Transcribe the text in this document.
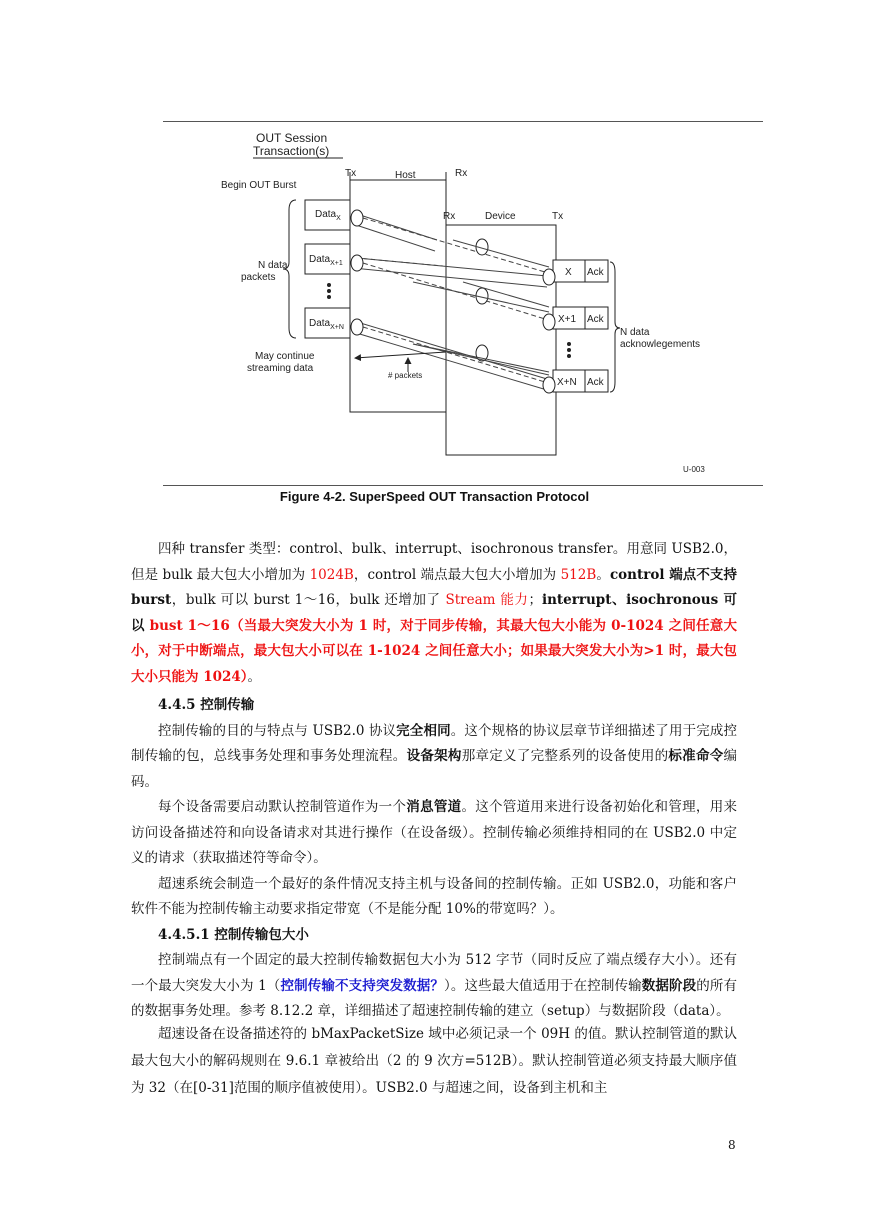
OUT Session
Transaction(s)
Begin OUT Burst
Tx	Host	Rx
Rx	Device	Tx
Data$_X$
Data$_{X+1}$
Data$_{X+N}$
N data
packets	X Ack
X+1 Ack
X+N Ack
N data
acknowlegements
May continue
streaming data
# packets
U-003
Figure 4-2. SuperSpeed OUT Transaction Protocol

四种 transfer 类型：control、bulk、interrupt、isochronous transfer。用意同 USB2.0，但是 bulk 最大包大小增加为 1024B，control 端点最大包大小增加为 512B。control 端点不支持 burst，bulk 可以 burst 1～16，bulk 还增加了 Stream 能力；interrupt、isochronous 可以 bust 1～16（当最大突发大小为 1 时，对于同步传输，其最大包大小能为 0-1024 之间任意大小，对于中断端点，最大包大小可以在 1-1024 之间任意大小；如果最大突发大小为>1 时，最大包大小只能为 1024）。

4.4.5 控制传输

控制传输的目的与特点与 USB2.0 协议完全相同。这个规格的协议层章节详细描述了用于完成控制传输的包，总线事务处理和事务处理流程。设备架构那章定义了完整系列的设备使用的标准命令编码。

每个设备需要启动默认控制管道作为一个消息管道。这个管道用来进行设备初始化和管理，用来访问设备描述符和向设备请求对其进行操作（在设备级）。控制传输必须维持相同的在 USB2.0 中定义的请求（获取描述符等命令）。

超速系统会制造一个最好的条件情况支持主机与设备间的控制传输。正如 USB2.0，功能和客户软件不能为控制传输主动要求指定带宽（不是能分配 10%的带宽吗？）。

4.4.5.1 控制传输包大小

控制端点有一个固定的最大控制传输数据包大小为 512 字节（同时反应了端点缓存大小）。还有一个最大突发大小为 1（控制传输不支持突发数据？）。这些最大值适用于在控制传输数据阶段的所有的数据事务处理。参考 8.12.2 章，详细描述了超速控制传输的建立（setup）与数据阶段（data）。

超速设备在设备描述符的 bMaxPacketSize 域中必须记录一个 09H 的值。默认控制管道的默认最大包大小的解码规则在 9.6.1 章被给出（2 的 9 次方=512B）。默认控制管道必须支持最大顺序值为 32（在[0-31]范围的顺序值被使用）。USB2.0 与超速之间，设备到主机和主

8
